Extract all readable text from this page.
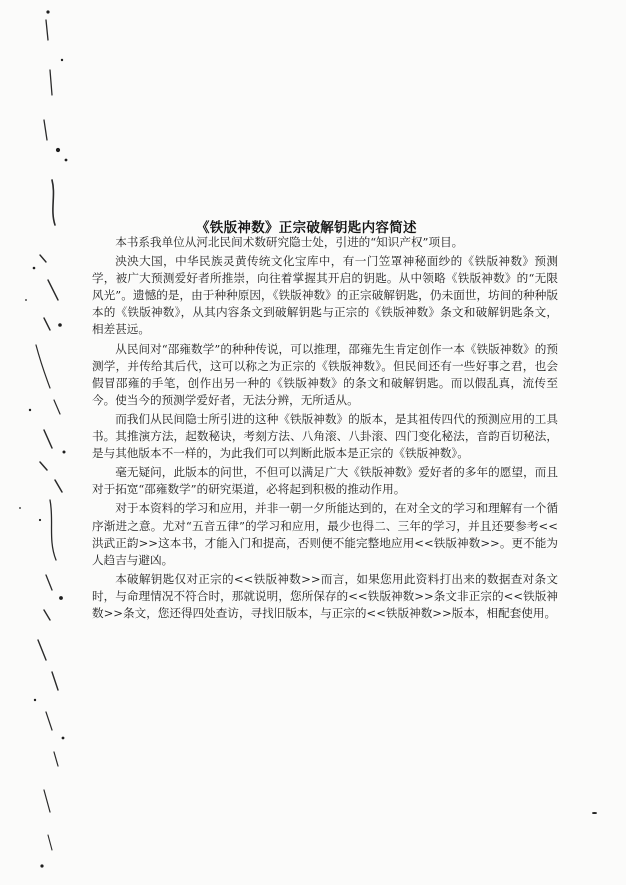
《铁版神数》正宗破解钥匙内容简述

本书系我单位从河北民间术数研究隐士处，引进的“知识产权”项目。

泱泱大国，中华民族灵黄传统文化宝库中，有一门笠罩神秘面纱的《铁版神数》预测学，被广大预测爱好者所推崇，向往着掌握其开启的钥匙。从中领略《铁版神数》的“无限风光”。遗憾的是，由于种种原因，《铁版神数》的正宗破解钥匙，仍未面世，坊间的种种版本的《铁版神数》，从其内容条文到破解钥匙与正宗的《铁版神数》条文和破解钥匙条文，相差甚远。

从民间对“邵雍数学”的种种传说，可以推理，邵雍先生肯定创作一本《铁版神数》的预测学，并传给其后代，这可以称之为正宗的《铁版神数》。但民间还有一些好事之君，也会假冒邵雍的手笔，创作出另一种的《铁版神数》的条文和破解钥匙。而以假乱真，流传至今。使当今的预测学爱好者，无法分辨，无所适从。

而我们从民间隐士所引进的这种《铁版神数》的版本，是其祖传四代的预测应用的工具书。其推演方法，起数秘诀，考刻方法、八角滚、八卦滚、四门变化秘法，音韵百切秘法，是与其他版本不一样的，为此我们可以判断此版本是正宗的《铁版神数》。

毫无疑问，此版本的问世，不但可以满足广大《铁版神数》爱好者的多年的愿望，而且对于拓宽“邵雍数学”的研究渠道，必将起到积极的推动作用。

对于本资料的学习和应用，并非一朝一夕所能达到的，在对全文的学习和理解有一个循序渐进之意。尤对“五音五律”的学习和应用，最少也得二、三年的学习，并且还要参考<<洪武正韵>>这本书，才能入门和提高，否则便不能完整地应用<<铁版神数>>。更不能为人趋吉与避凶。

本破解钥匙仅对正宗的<<铁版神数>>而言，如果您用此资料打出来的数据查对条文时，与命理情况不符合时，那就说明，您所保存的<<铁版神数>>条文非正宗的<<铁版神数>>条文，您还得四处查访，寻找旧版本，与正宗的<<铁版神数>>版本，相配套使用。
